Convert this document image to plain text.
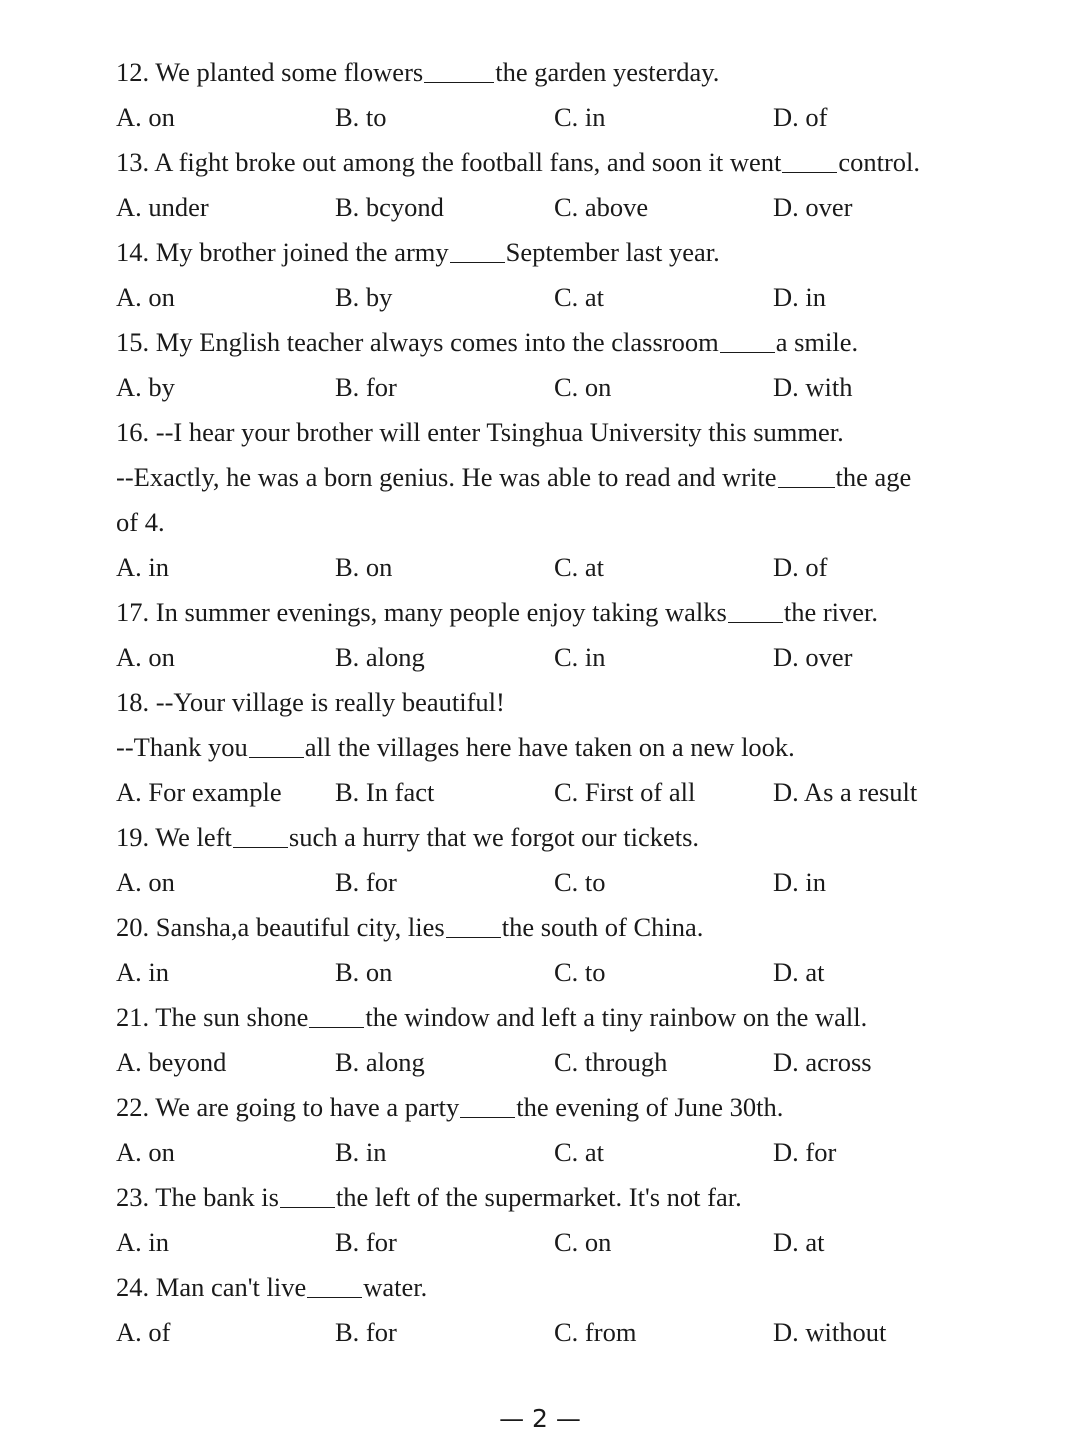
12. We planted some flowers	the garden yesterday.
A. on	B. to	C. in	D. of
13. A fight broke out among the football fans, and soon it went control.
A. under	B. bcyond	C. above	D. over
14. My brother joined the army September last year.
A. on	B. by	C. at	D. in
15. My English teacher always comes into the classroom a smile.
A. by	B. for	C. on	D. with
16. --I hear your brother will enter Tsinghua University this summer.
--Exactly, he was a born genius. He was able to read and write the age
of 4.
A. in	B. on	C. at	D. of
17. In summer evenings, many people enjoy taking walks the river.
A. on	B. along	C. in	D. over
18. --Your village is really beautiful!
--Thank you all the villages here have taken on a new look.
A. For example	B. In fact	C. First of all	D. As a result
19. We left such a hurry that we forgot our tickets.
A. on	B. for	C. to	D. in
20. Sansha,a beautiful city, lies the south of China.
A. in	B. on	C. to	D. at
21. The sun shone the window and left a tiny rainbow on the wall.
A. beyond	B. along	C. through	D. across
22. We are going to have a party the evening of June 30th.
A. on	B. in	C. at	D. for
23. The bank is the left of the supermarket. It's not far.
A. in	B. for	C. on	D. at
24. Man can't live water.
A. of	B. for	C. from	D. without
— 2 —
